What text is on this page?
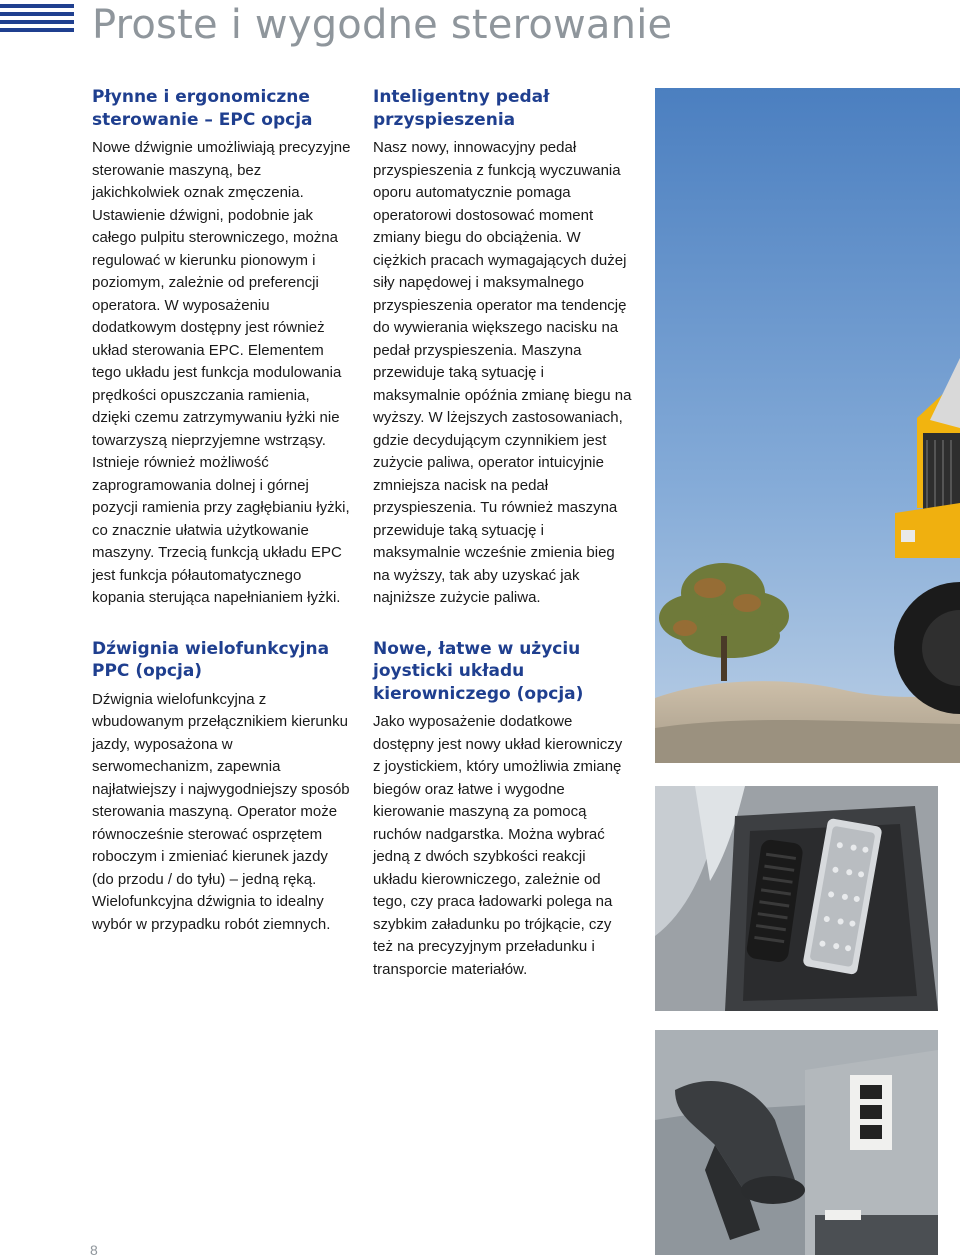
Proste i wygodne sterowanie
Płynne i ergonomiczne sterowanie – EPC opcja

Nowe dźwignie umożliwiają precyzyjne sterowanie maszyną, bez jakichkolwiek oznak zmęczenia. Ustawienie dźwigni, podobnie jak całego pulpitu sterowniczego, można regulować w kierunku pionowym i poziomym, zależnie od preferencji operatora. W wyposażeniu dodatkowym dostępny jest również układ sterowania EPC. Elementem tego układu jest funkcja modulowania prędkości opuszczania ramienia, dzięki czemu zatrzymywaniu łyżki nie towarzyszą nieprzyjemne wstrząsy. Istnieje również możliwość zaprogramowania dolnej i górnej pozycji ramienia przy zagłębianiu łyżki, co znacznie ułatwia użytkowanie maszyny. Trzecią funkcją układu EPC jest funkcja półautomatycznego kopania sterująca napełnianiem łyżki.

Dźwignia wielofunkcyjna PPC (opcja)

Dźwignia wielofunkcyjna z wbudowanym przełącznikiem kierunku jazdy, wyposażona w serwomechanizm, zapewnia najłatwiejszy i najwygodniejszy sposób sterowania maszyną. Operator może równocześnie sterować osprzętem roboczym i zmieniać kierunek jazdy (do przodu / do tyłu) – jedną ręką. Wielofunkcyjna dźwignia to idealny wybór w przypadku robót ziemnych.

Inteligentny pedał przyspieszenia

Nasz nowy, innowacyjny pedał przyspieszenia z funkcją wyczuwania oporu automatycznie pomaga operatorowi dostosować moment zmiany biegu do obciążenia. W ciężkich pracach wymagających dużej siły napędowej i maksymalnego przyspieszenia operator ma tendencję do wywierania większego nacisku na pedał przyspieszenia. Maszyna przewiduje taką sytuację i maksymalnie opóźnia zmianę biegu na wyższy. W lżejszych zastosowaniach, gdzie decydującym czynnikiem jest zużycie paliwa, operator intuicyjnie zmniejsza nacisk na pedał przyspieszenia. Tu również maszyna przewiduje taką sytuację i maksymalnie wcześnie zmienia bieg na wyższy, tak aby uzyskać jak najniższe zużycie paliwa.

Nowe, łatwe w użyciu joysticki układu kierowniczego (opcja)

Jako wyposażenie dodatkowe dostępny jest nowy układ kierowniczy z joystickiem, który umożliwia zmianę biegów oraz łatwe i wygodne kierowanie maszyną za pomocą ruchów nadgarstka. Można wybrać jedną z dwóch szybkości reakcji układu kierowniczego, zależnie od tego, czy praca ładowarki polega na szybkim załadunku po trójkącie, czy też na precyzyjnym przeładunku i transporcie materiałów.

8
